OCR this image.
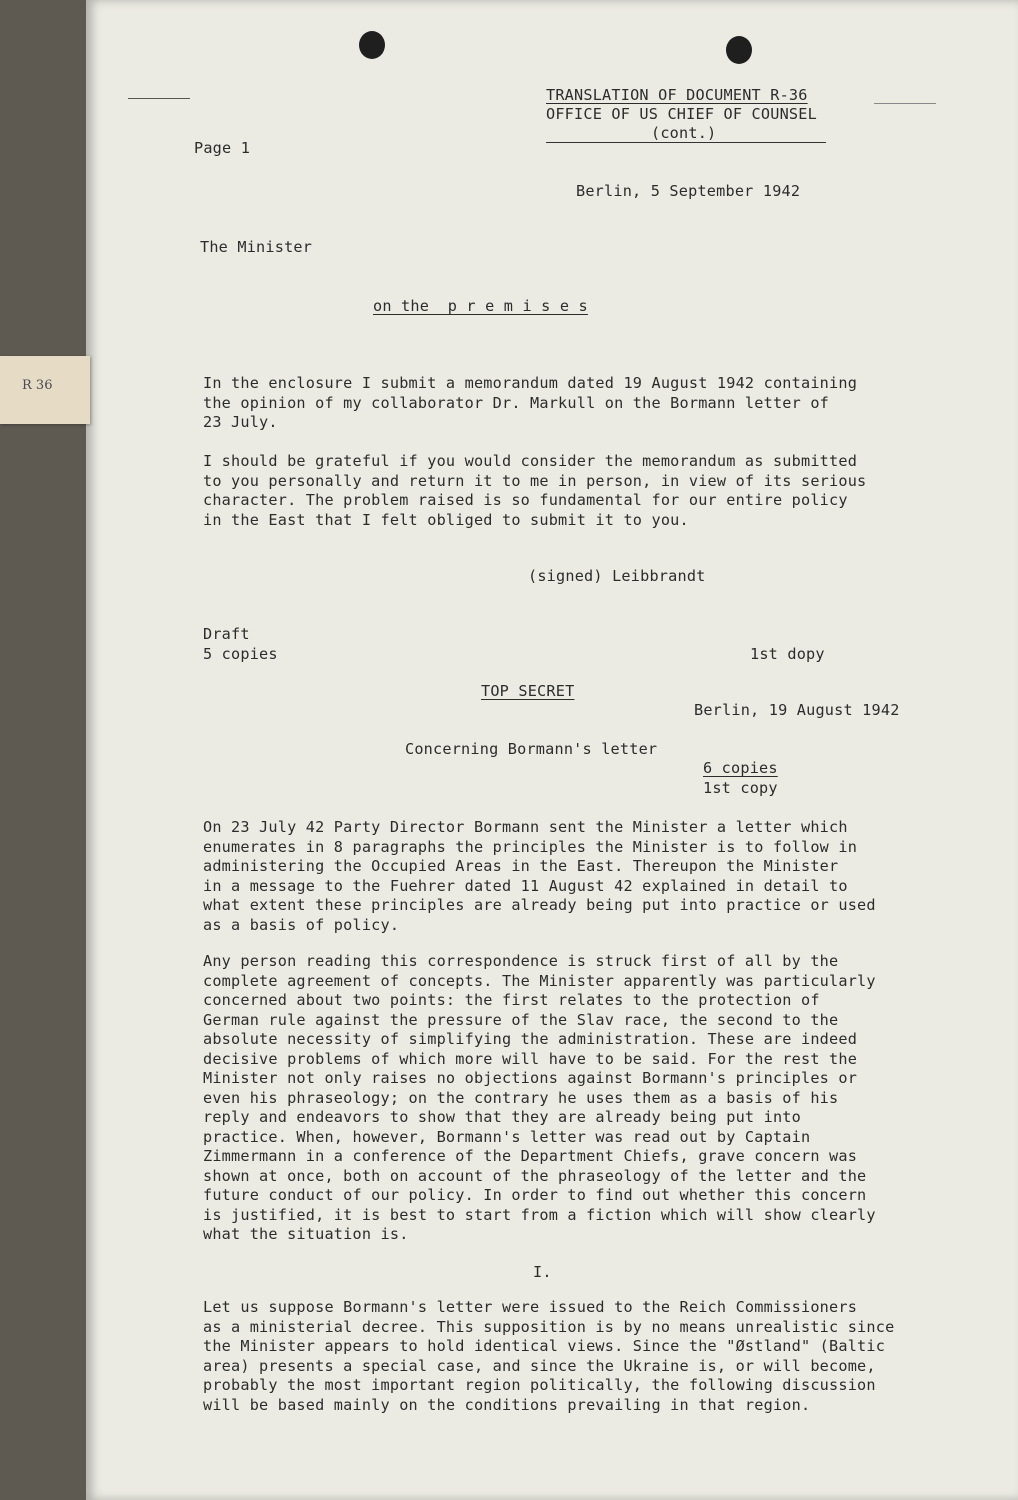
TRANSLATION OF DOCUMENT R-36

OFFICE OF US CHIEF OF COUNSEL

(cont.)

Page 1

Berlin, 5 September 1942

The Minister

on the  p r e m i s e s

In the enclosure I submit a memorandum dated 19 August 1942 containing
the opinion of my collaborator Dr. Markull on the Bormann letter of
23 July.

I should be grateful if you would consider the memorandum as submitted
to you personally and return it to me in person, in view of its serious
character. The problem raised is so fundamental for our entire policy
in the East that I felt obliged to submit it to you.

(signed) Leibbrandt

Draft

5 copies	1st dopy

TOP SECRET

Berlin, 19 August 1942

Concerning Bormann's letter

6 copies

1st copy

On 23 July 42 Party Director Bormann sent the Minister a letter which
enumerates in 8 paragraphs the principles the Minister is to follow in
administering the Occupied Areas in the East. Thereupon the Minister
in a message to the Fuehrer dated 11 August 42 explained in detail to
what extent these principles are already being put into practice or used
as a basis of policy.

Any person reading this correspondence is struck first of all by the
complete agreement of concepts. The Minister apparently was particularly
concerned about two points: the first relates to the protection of
German rule against the pressure of the Slav race, the second to the
absolute necessity of simplifying the administration. These are indeed
decisive problems of which more will have to be said. For the rest the
Minister not only raises no objections against Bormann's principles or
even his phraseology; on the contrary he uses them as a basis of his
reply and endeavors to show that they are already being put into
practice. When, however, Bormann's letter was read out by Captain
Zimmermann in a conference of the Department Chiefs, grave concern was
shown at once, both on account of the phraseology of the letter and the
future conduct of our policy. In order to find out whether this concern
is justified, it is best to start from a fiction which will show clearly
what the situation is.

I.

Let us suppose Bormann's letter were issued to the Reich Commissioners
as a ministerial decree. This supposition is by no means unrealistic since
the Minister appears to hold identical views. Since the "Østland" (Baltic
area) presents a special case, and since the Ukraine is, or will become,
probably the most important region politically, the following discussion
will be based mainly on the conditions prevailing in that region.

R 36
